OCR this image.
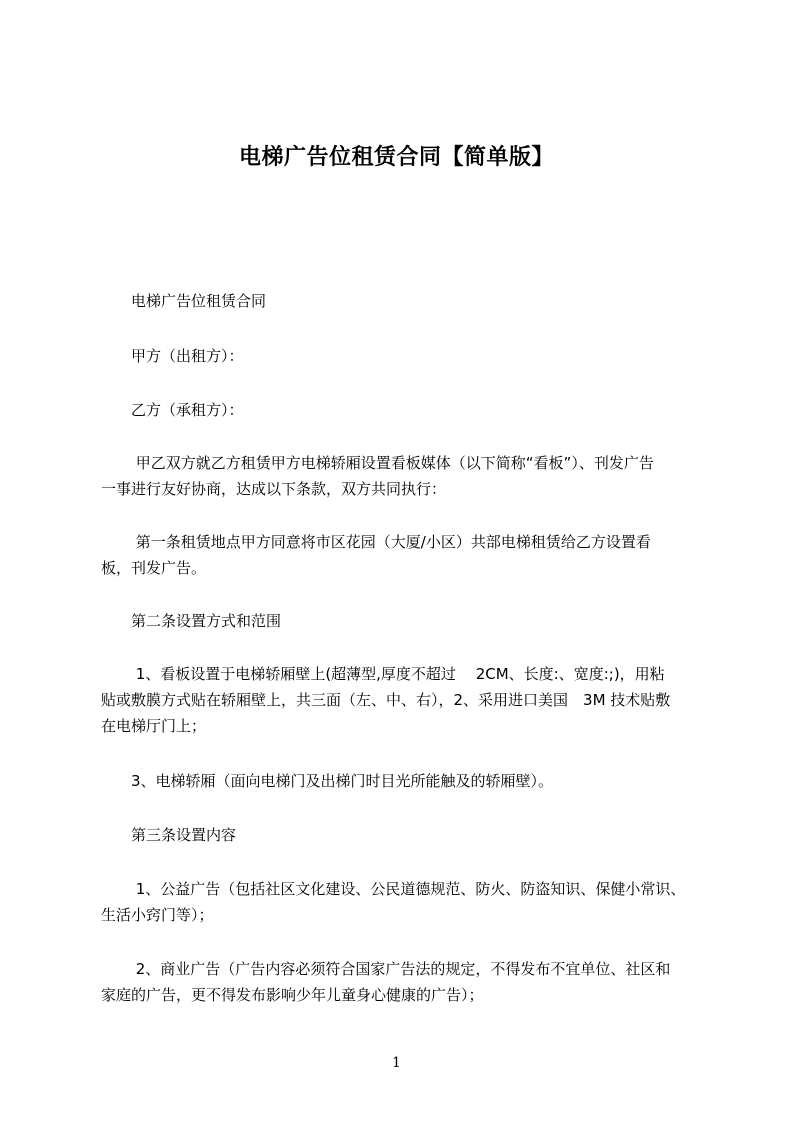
电梯广告位租赁合同【简单版】
　　电梯广告位租赁合同
　　甲方（出租方）：
　　乙方（承租方）：
　　 甲乙双方就乙方租赁甲方电梯轿厢设置看板媒体（以下简称“看板”）、刊发广告
一事进行友好协商，达成以下条款，双方共同执行：
　　 第一条租赁地点甲方同意将市区花园（大厦/小区）共部电梯租赁给乙方设置看
板，刊发广告。
　　第二条设置方式和范围
　　 1、看板设置于电梯轿厢壁上(超薄型,厚度不超过　 2CM、长度:、宽度:;)，用粘
贴或敷膜方式贴在轿厢壁上，共三面（左、中、右），2、采用进口美国　3M 技术贴敷
在电梯厅门上；
　　3、电梯轿厢（面向电梯门及出梯门时目光所能触及的轿厢壁）。
　　第三条设置内容
　　 1、公益广告（包括社区文化建设、公民道德规范、防火、防盗知识、保健小常识、
生活小窍门等）；
　　 2、商业广告（广告内容必须符合国家广告法的规定，不得发布不宜单位、社区和
家庭的广告，更不得发布影响少年儿童身心健康的广告）；
1
